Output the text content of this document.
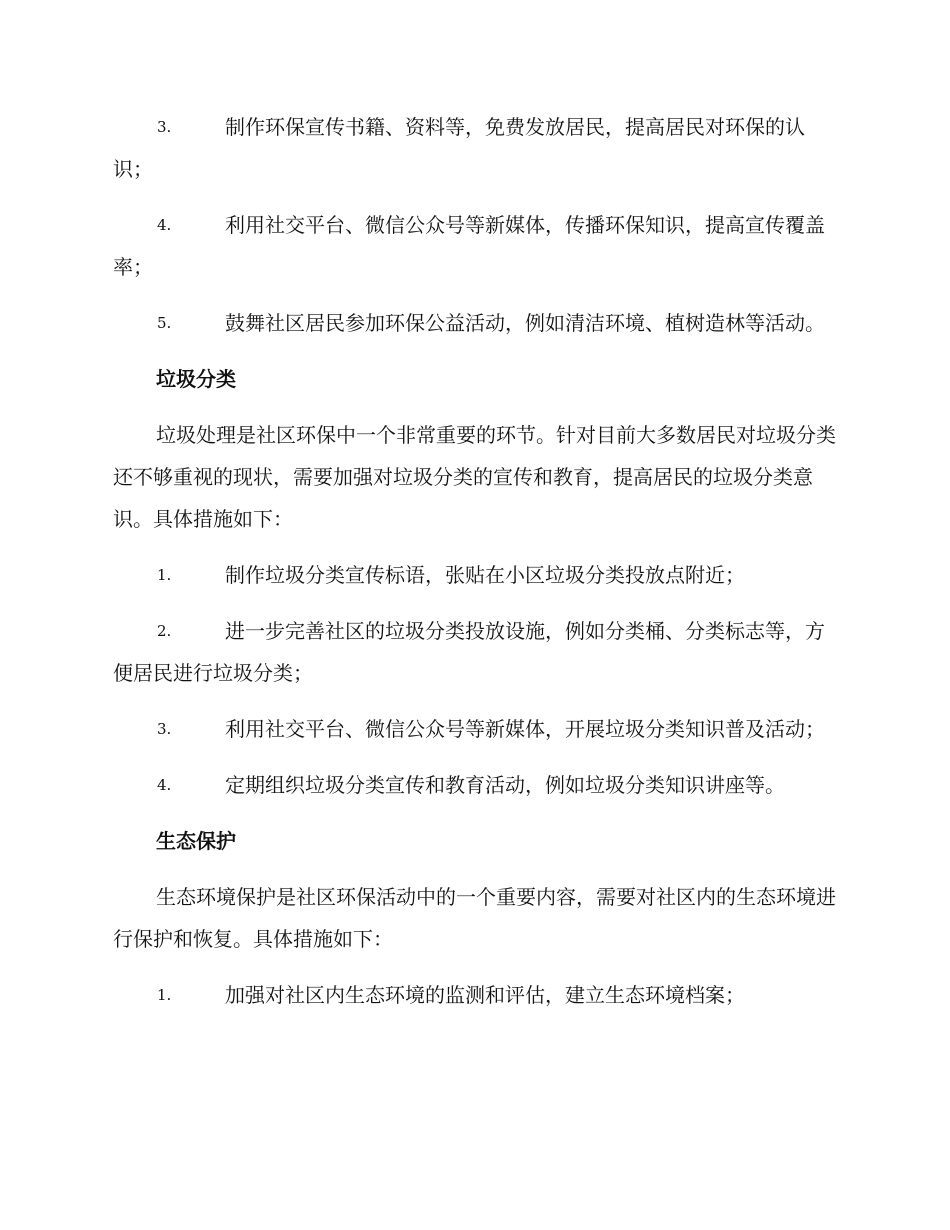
3.	制作环保宣传书籍、资料等，免费发放居民，提高居民对环保的认识；
4.	利用社交平台、微信公众号等新媒体，传播环保知识，提高宣传覆盖率；
5.	鼓舞社区居民参加环保公益活动，例如清洁环境、植树造林等活动。
垃圾分类
垃圾处理是社区环保中一个非常重要的环节。针对目前大多数居民对垃圾分类还不够重视的现状，需要加强对垃圾分类的宣传和教育，提高居民的垃圾分类意识。具体措施如下：
1.	制作垃圾分类宣传标语，张贴在小区垃圾分类投放点附近；
2.	进一步完善社区的垃圾分类投放设施，例如分类桶、分类标志等，方便居民进行垃圾分类；
3.	利用社交平台、微信公众号等新媒体，开展垃圾分类知识普及活动；
4.	定期组织垃圾分类宣传和教育活动，例如垃圾分类知识讲座等。
生态保护
生态环境保护是社区环保活动中的一个重要内容，需要对社区内的生态环境进行保护和恢复。具体措施如下：
1.	加强对社区内生态环境的监测和评估，建立生态环境档案；
